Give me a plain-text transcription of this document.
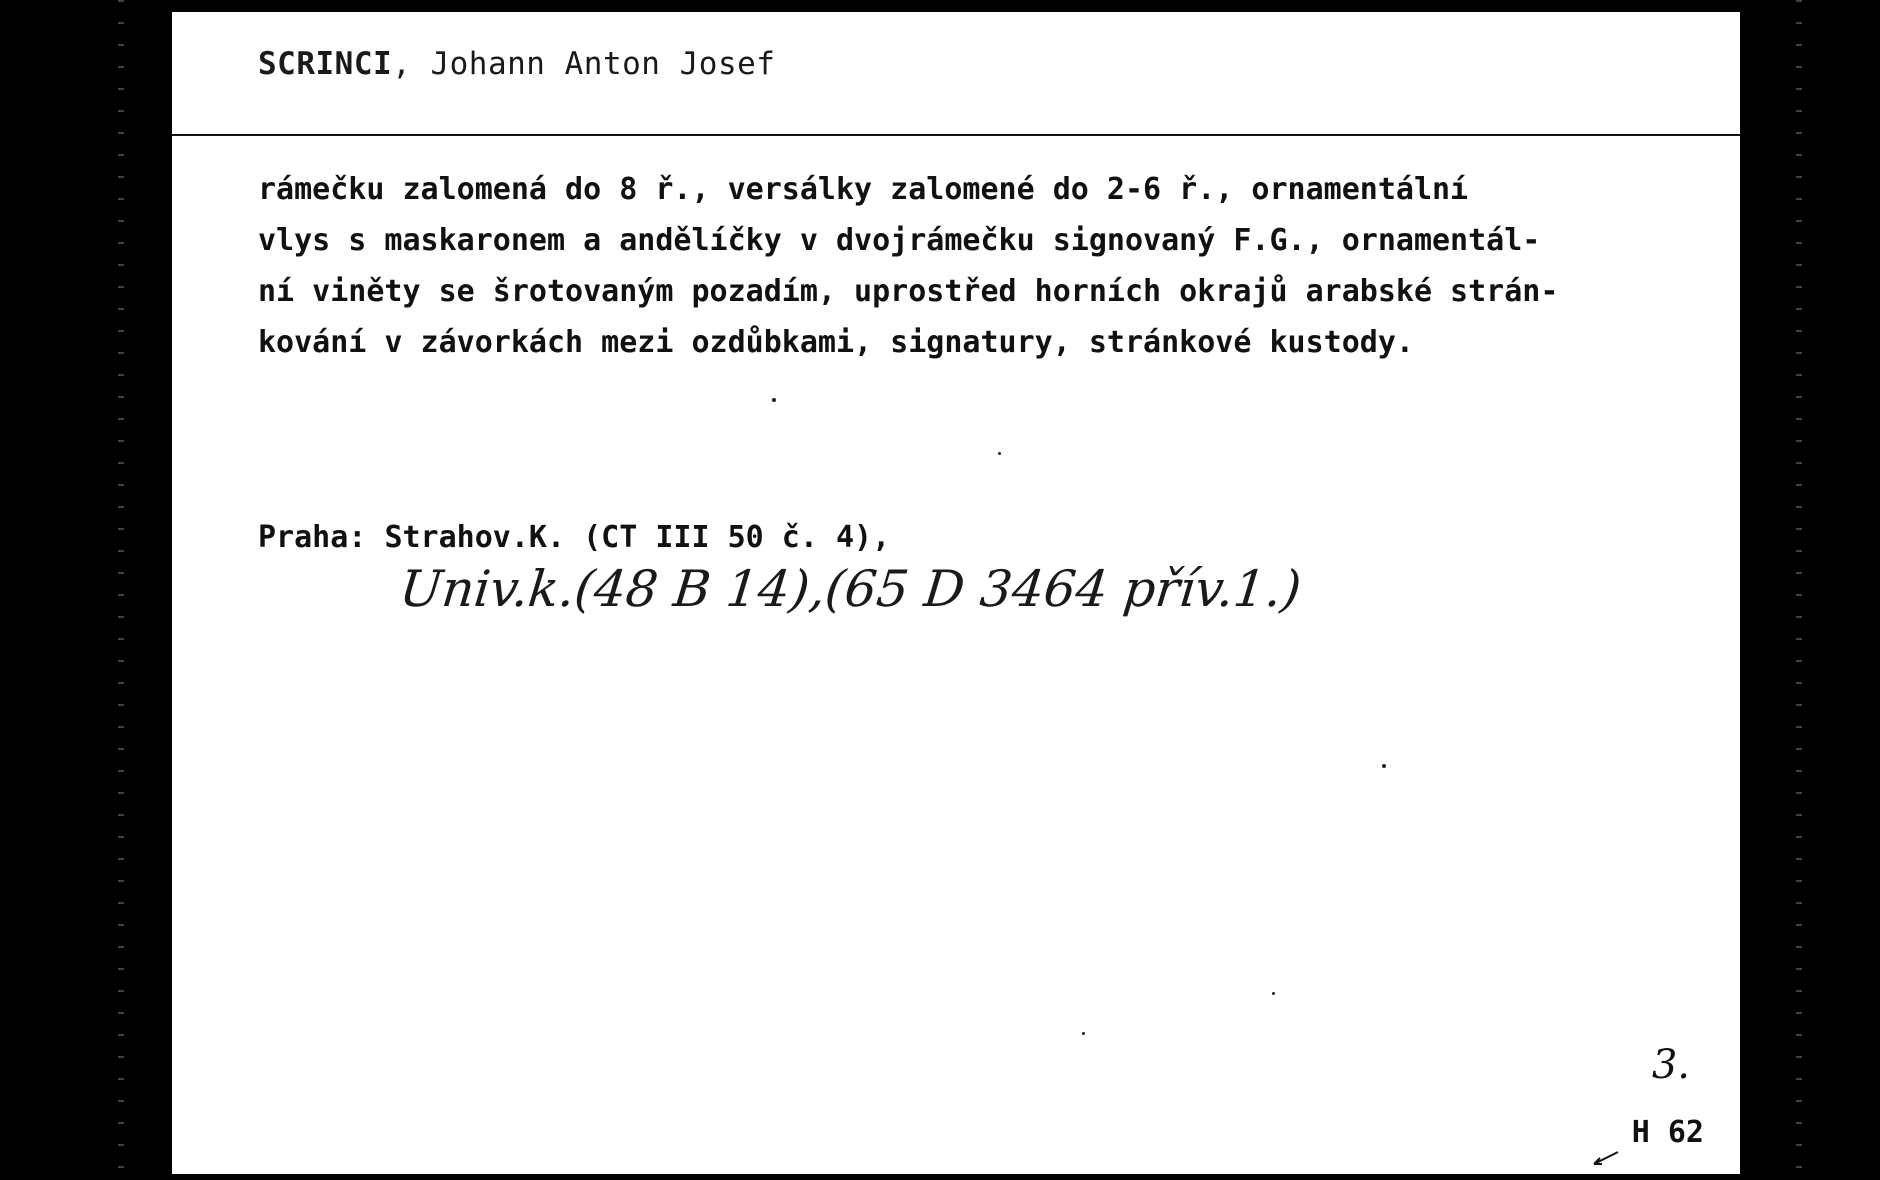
SCRINCI, Johann Anton Josef
rámečku zalomená do 8 ř., versálky zalomené do 2-6 ř., ornamentální
vlys s maskaronem a andělíčky v dvojrámečku signovaný F.G., ornamentál-
ní viněty se šrotovaným pozadím, uprostřed horních okrajů arabské strán-
kování v závorkách mezi ozdůbkami, signatury, stránkové kustody.
Praha: Strahov.K. (CT III 50 č. 4),
Univ.k.(48 B 14),(65 D 3464 přív.1.)
3.
H 62
